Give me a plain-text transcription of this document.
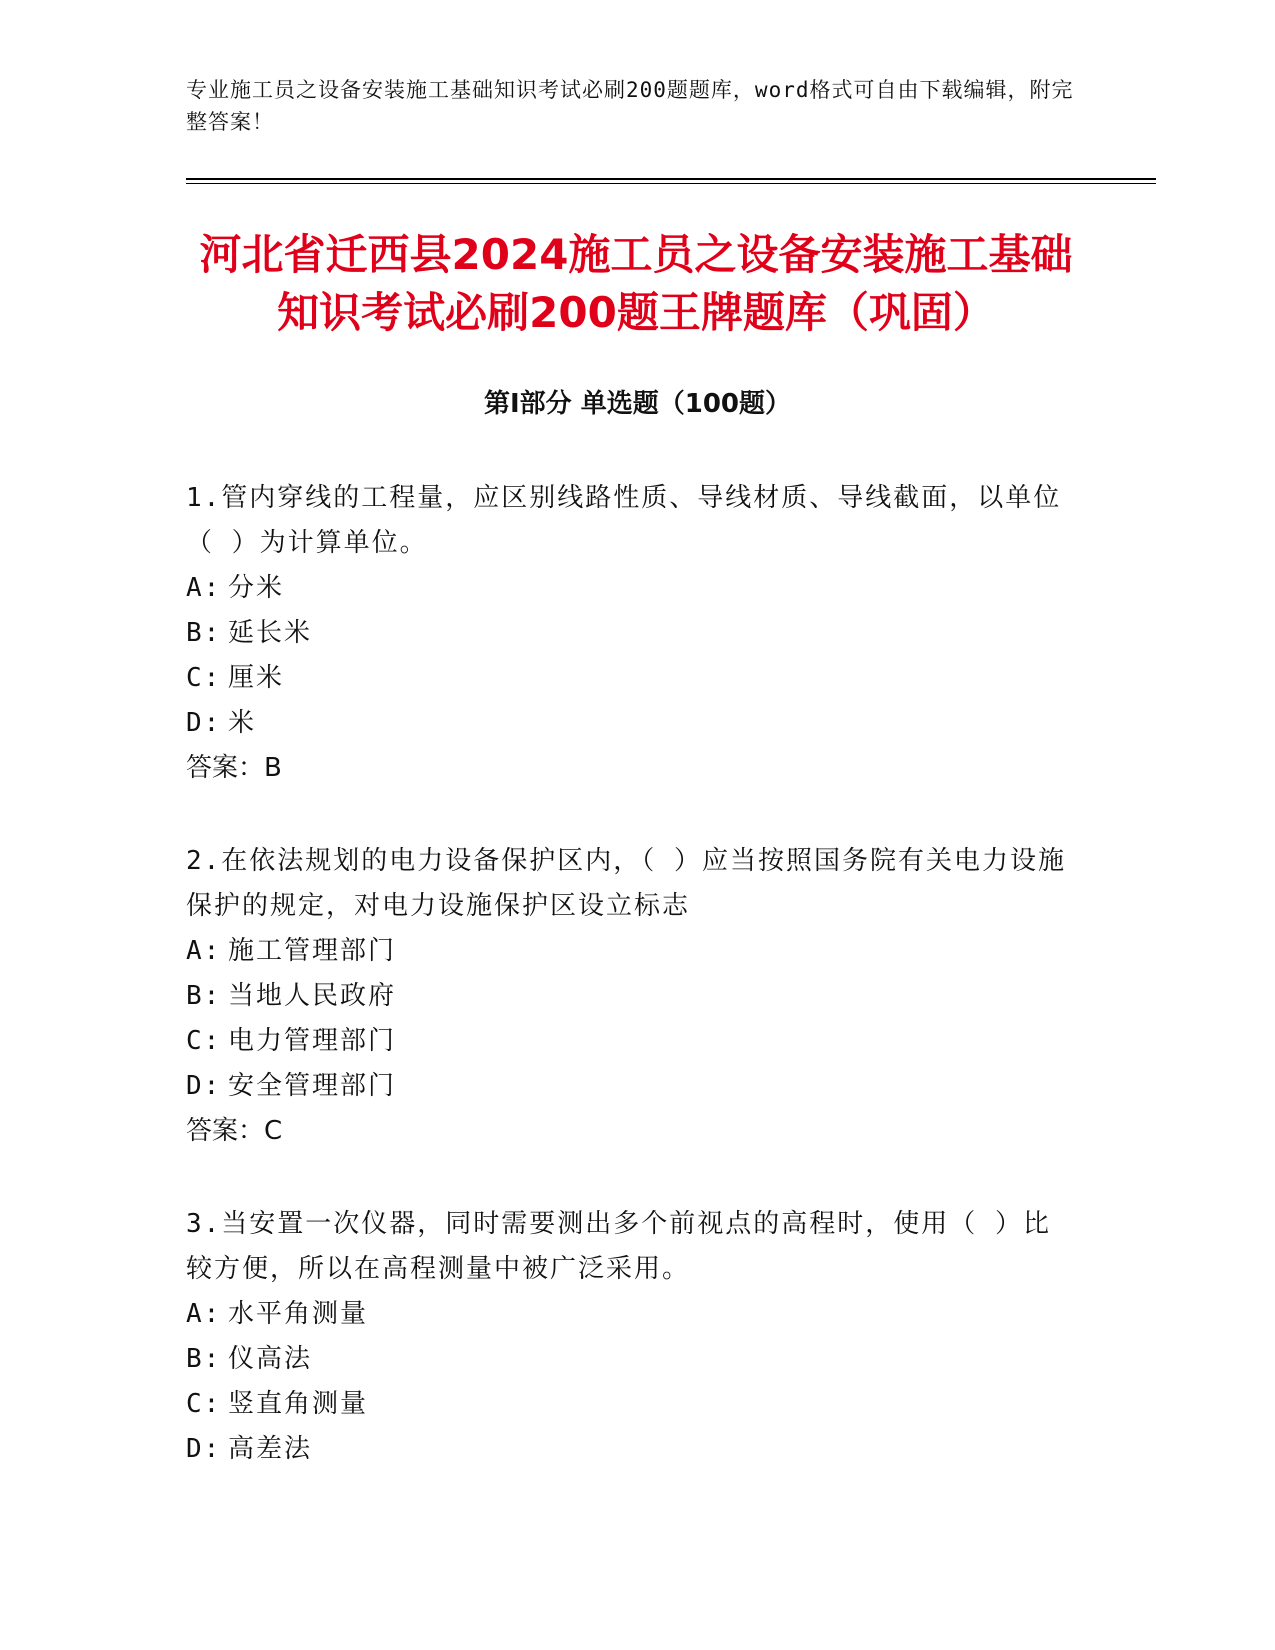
专业施工员之设备安装施工基础知识考试必刷200题题库，word格式可自由下载编辑，附完整答案！
河北省迁西县2024施工员之设备安装施工基础知识考试必刷200题王牌题库（巩固）
第I部分 单选题（100题）

1.管内穿线的工程量，应区别线路性质、导线材质、导线截面，以单位（ ）为计算单位。

A: 分米

B: 延长米

C: 厘米

D: 米

答案：B

2.在依法规划的电力设备保护区内，（ ）应当按照国务院有关电力设施保护的规定，对电力设施保护区设立标志

A: 施工管理部门

B: 当地人民政府

C: 电力管理部门

D: 安全管理部门

答案：C

3.当安置一次仪器，同时需要测出多个前视点的高程时，使用（ ）比较方便，所以在高程测量中被广泛采用。

A: 水平角测量

B: 仪高法

C: 竖直角测量

D: 高差法
